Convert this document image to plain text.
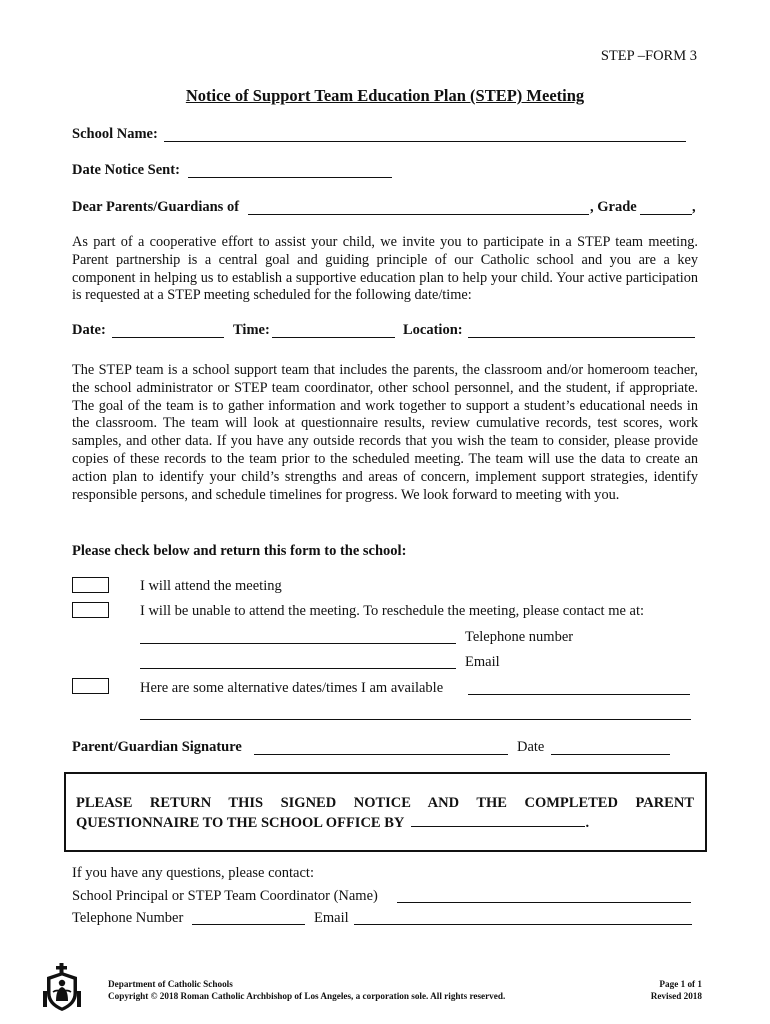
STEP –FORM 3
Notice of Support Team Education Plan (STEP) Meeting
School Name:
Date Notice Sent:
Dear Parents/Guardians of	, Grade	,
As part of a cooperative effort to assist your child, we invite you to participate in a STEP team meeting. Parent partnership is a central goal and guiding principle of our Catholic school and you are a key component in helping us to establish a supportive education plan to help your child. Your active participation is requested at a STEP meeting scheduled for the following date/time:
Date:	Time:	Location:
The STEP team is a school support team that includes the parents, the classroom and/or homeroom teacher, the school administrator or STEP team coordinator, other school personnel, and the student, if appropriate. The goal of the team is to gather information and work together to support a student’s educational needs in the classroom. The team will look at questionnaire results, review cumulative records, test scores, work samples, and other data. If you have any outside records that you wish the team to consider, please provide copies of these records to the team prior to the scheduled meeting. The team will use the data to create an action plan to identify your child’s strengths and areas of concern, implement support strategies, identify responsible persons, and schedule timelines for progress. We look forward to meeting with you.
Please check below and return this form to the school:
I will attend the meeting
I will be unable to attend the meeting. To reschedule the meeting, please contact me at:
Telephone number
Email
Here are some alternative dates/times I am available
Parent/Guardian Signature	Date
PLEASE RETURN THIS SIGNED NOTICE AND THE COMPLETED PARENT
QUESTIONNAIRE TO THE SCHOOL OFFICE BY	.
If you have any questions, please contact:
School Principal or STEP Team Coordinator (Name)
Telephone Number	Email
Department of Catholic Schools
Copyright © 2018 Roman Catholic Archbishop of Los Angeles, a corporation sole. All rights reserved.
Page 1 of 1
Revised 2018
